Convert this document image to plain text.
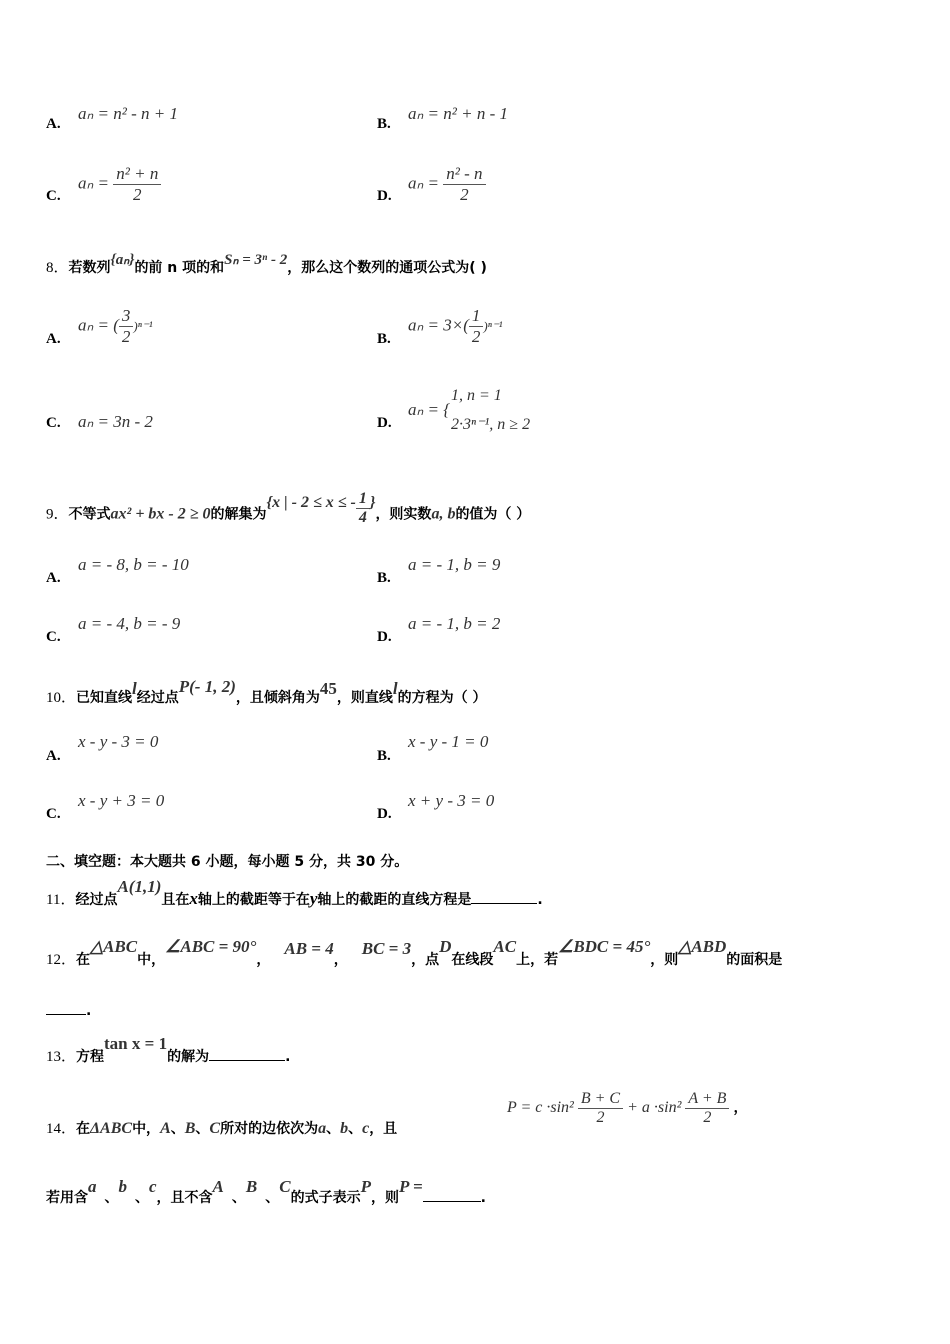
A.
aₙ = n² - n + 1
B.
aₙ = n² + n - 1
C.
$a_n = \frac{\text{n² + n}}{2}$	D.
$a_n = \frac{\text{n² - n}}{2}$
8．若数列{aₙ}的前 n 项的和Sₙ = 3ⁿ - 2，那么这个数列的通项公式为( )
A.
aₙ = ( $\frac{3}{2} )^{n-1}$
B.
$a_n = 3\times( \frac{1}{2} )^{n-1}$
C. aₙ = 3n - 2	D.
aₙ = {
1, n = 1
2·3ⁿ⁻¹, n ≥ 2
9．不等式ax² + bx - 2 ≥ 0的解集为{x | - 2 ≤ x ≤ - $\frac{1}{4}$ }，则实数a, b的值为（ ）
A.
a = - 8, b = - 10
B.
a = - 1, b = 9
C.
a = - 4, b = - 9
D.
a = - 1, b = 2
10．已知直线l经过点P(- 1, 2)，且倾斜角为45，则直线l的方程为（ ）
A.
x - y - 3 = 0
B.
x - y - 1 = 0
C.
x - y + 3 = 0
D.
x + y - 3 = 0
二、填空题：本大题共 6 小题，每小题 5 分，共 30 分。
11．经过点A(1,1)且在x轴上的截距等于在y轴上的截距的直线方程是	.
12．在△ABC中，∠ABC = 90°，AB = 4，BC = 3，点D在线段AC上，若∠BDC = 45°，则△ABD的面积是
.
13．方程tan x = 1的解为	.
14．在ΔABC中，A、B、C所对的边依次为a、b、c，且
$P = c \cdot\sin^2 \frac{B + C}{2} + a \cdot\sin^2 \frac{A + B}{2}$ ，
若用含a、b、c，且不含A、B、C的式子表示P，则P =.
